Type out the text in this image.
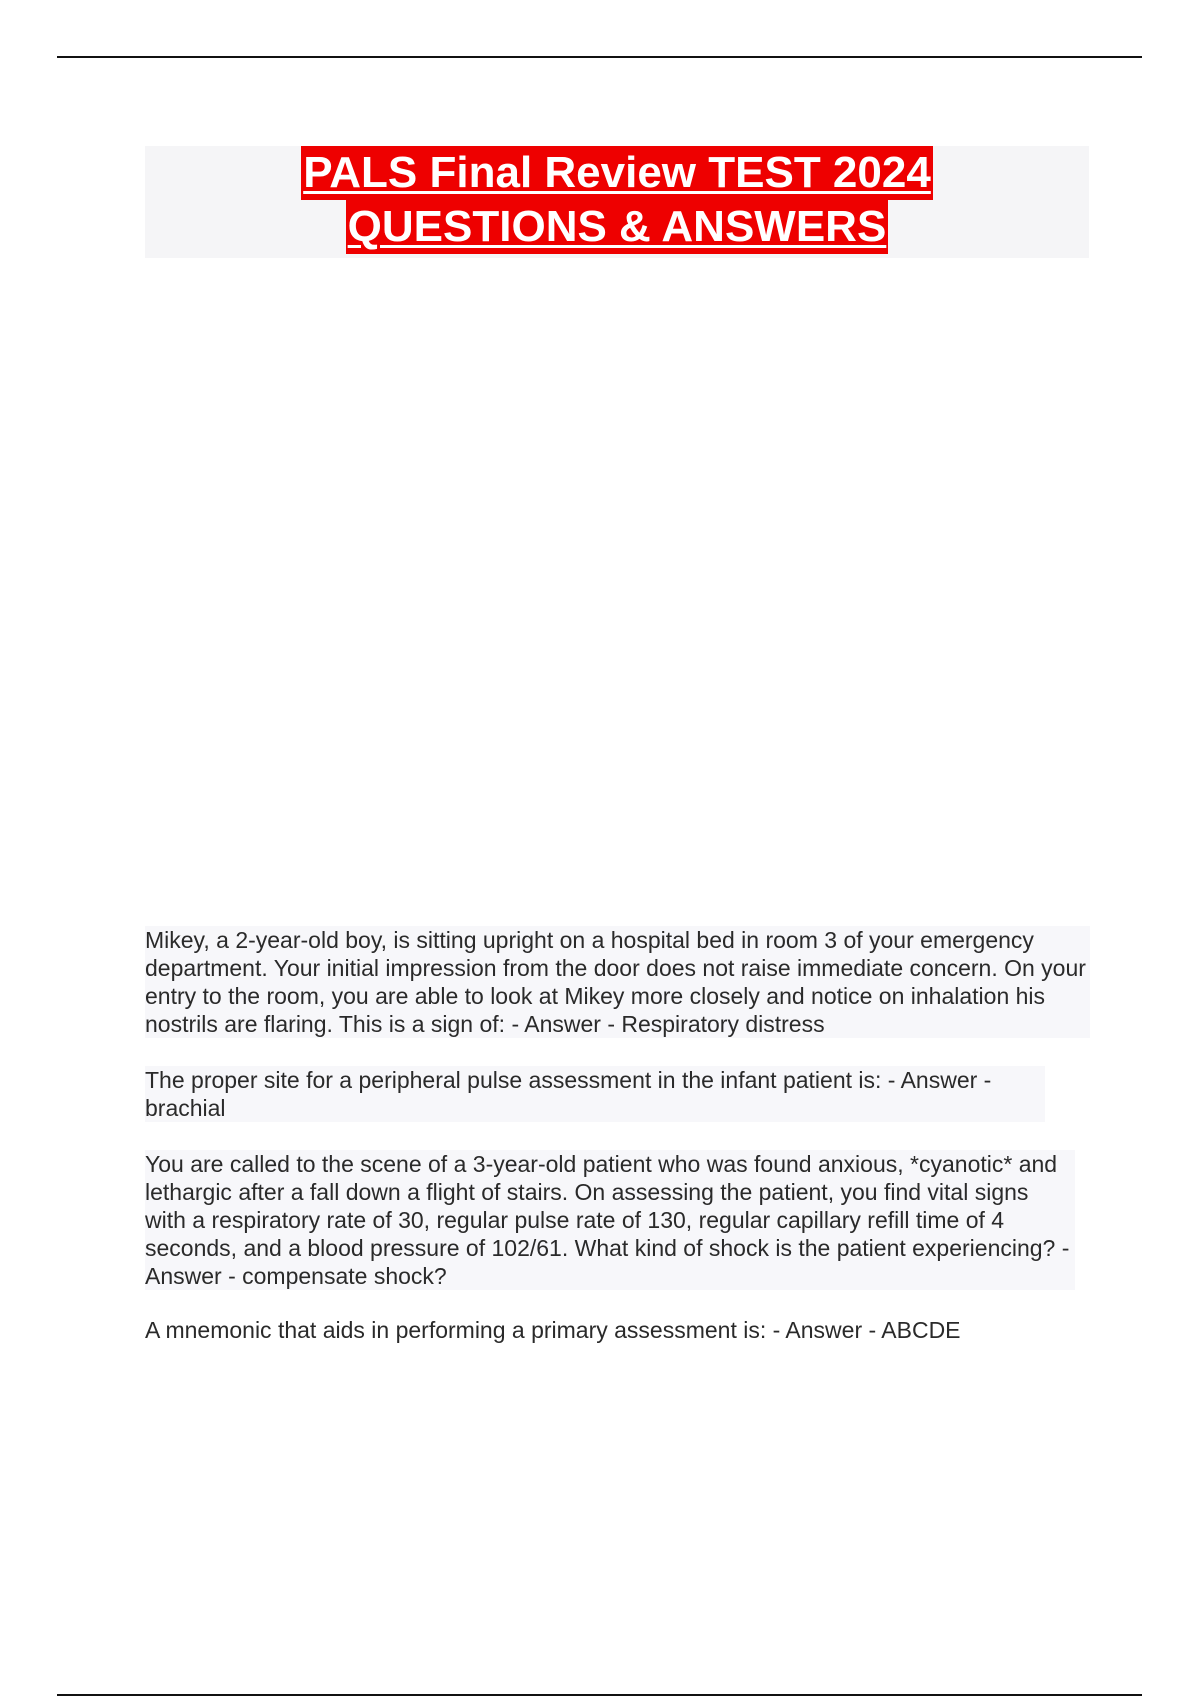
PALS Final Review TEST 2024
QUESTIONS & ANSWERS

Mikey, a 2-year-old boy, is sitting upright on a hospital bed in room 3 of your emergency department. Your initial impression from the door does not raise immediate concern. On your entry to the room, you are able to look at Mikey more closely and notice on inhalation his nostrils are flaring. This is a sign of: - Answer - Respiratory distress

The proper site for a peripheral pulse assessment in the infant patient is: - Answer - brachial

You are called to the scene of a 3-year-old patient who was found anxious, *cyanotic* and lethargic after a fall down a flight of stairs. On assessing the patient, you find vital signs with a respiratory rate of 30, regular pulse rate of 130, regular capillary refill time of 4 seconds, and a blood pressure of 102/61. What kind of shock is the patient experiencing? - Answer - compensate shock?

A mnemonic that aids in performing a primary assessment is: - Answer - ABCDE
